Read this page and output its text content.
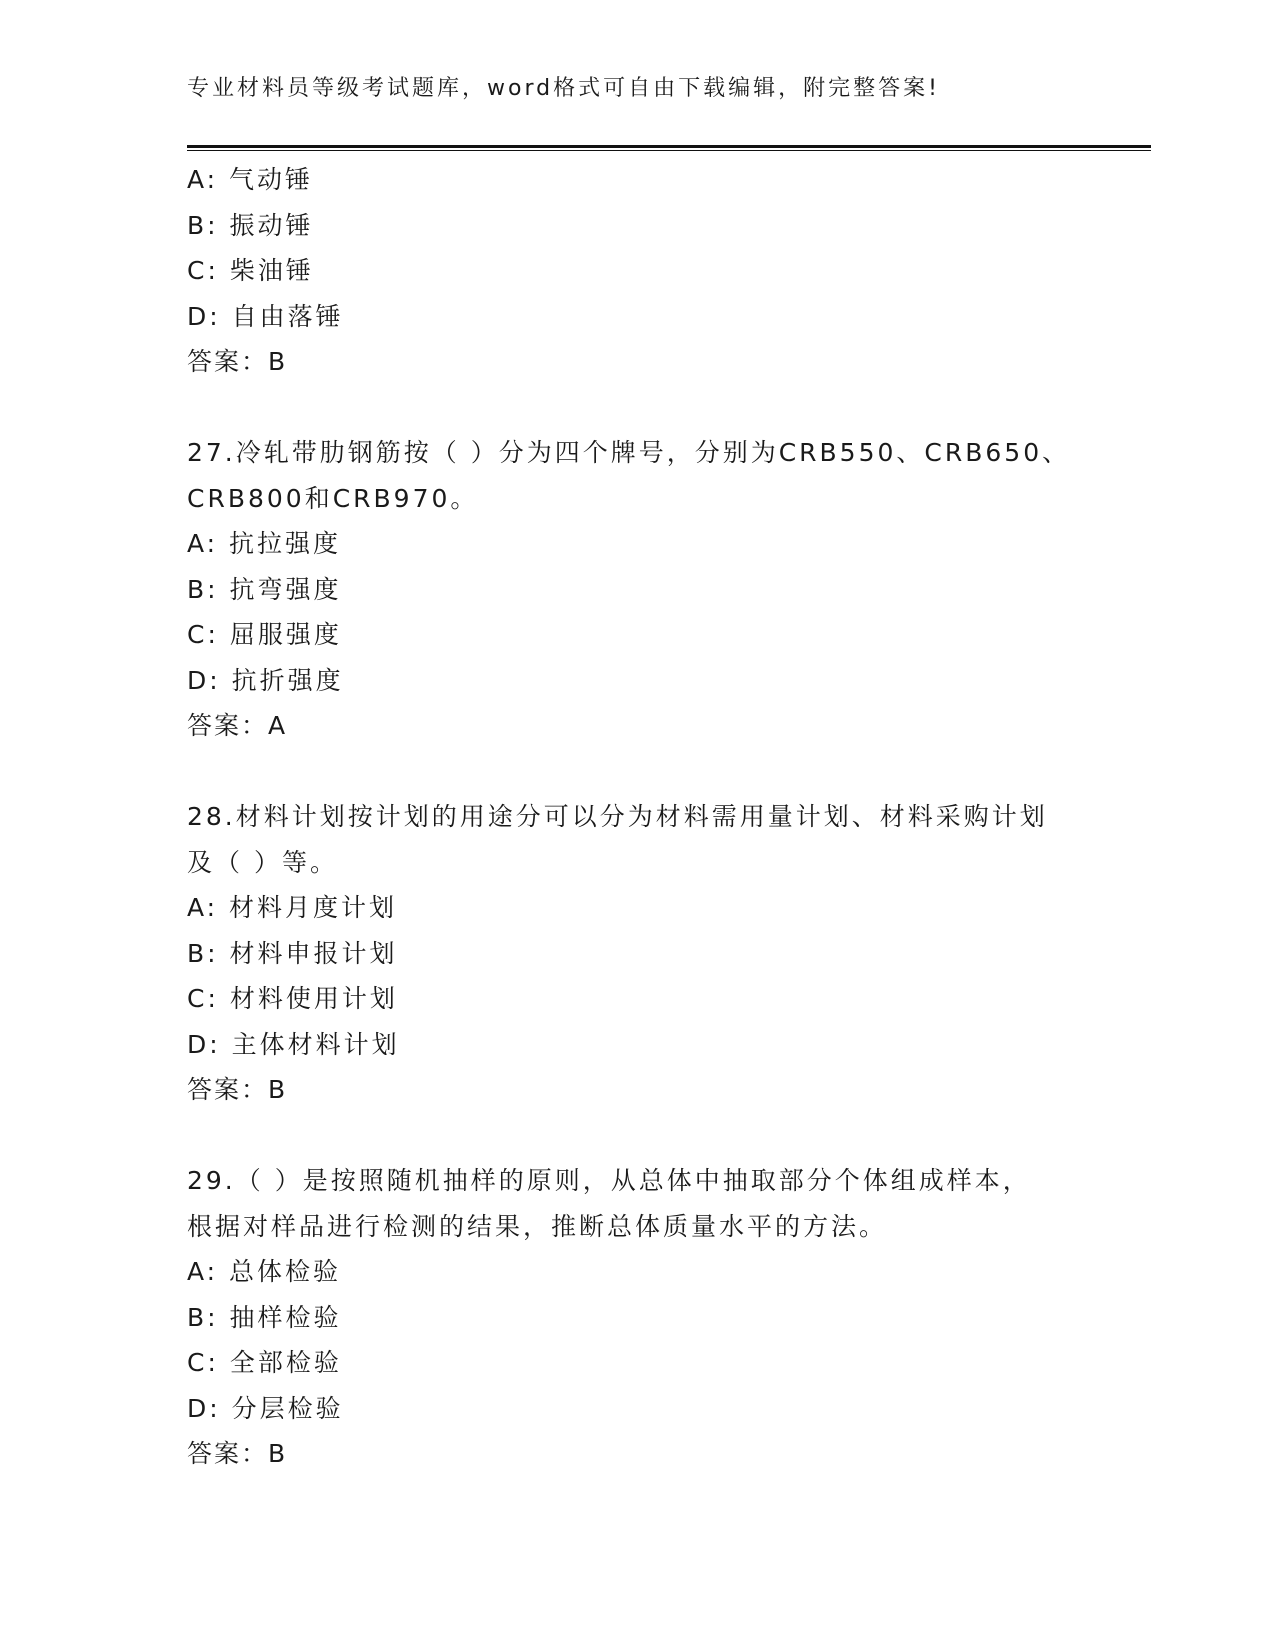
专业材料员等级考试题库，word格式可自由下载编辑，附完整答案!
A: 气动锤
B: 振动锤
C: 柴油锤
D: 自由落锤
答案：B
27.冷轧带肋钢筋按（ ）分为四个牌号，分别为CRB550、CRB650、
CRB800和CRB970。
A: 抗拉强度
B: 抗弯强度
C: 屈服强度
D: 抗折强度
答案：A
28.材料计划按计划的用途分可以分为材料需用量计划、材料采购计划
及（ ）等。
A: 材料月度计划
B: 材料申报计划
C: 材料使用计划
D: 主体材料计划
答案：B
29.（ ）是按照随机抽样的原则，从总体中抽取部分个体组成样本，
根据对样品进行检测的结果，推断总体质量水平的方法。
A: 总体检验
B: 抽样检验
C: 全部检验
D: 分层检验
答案：B
